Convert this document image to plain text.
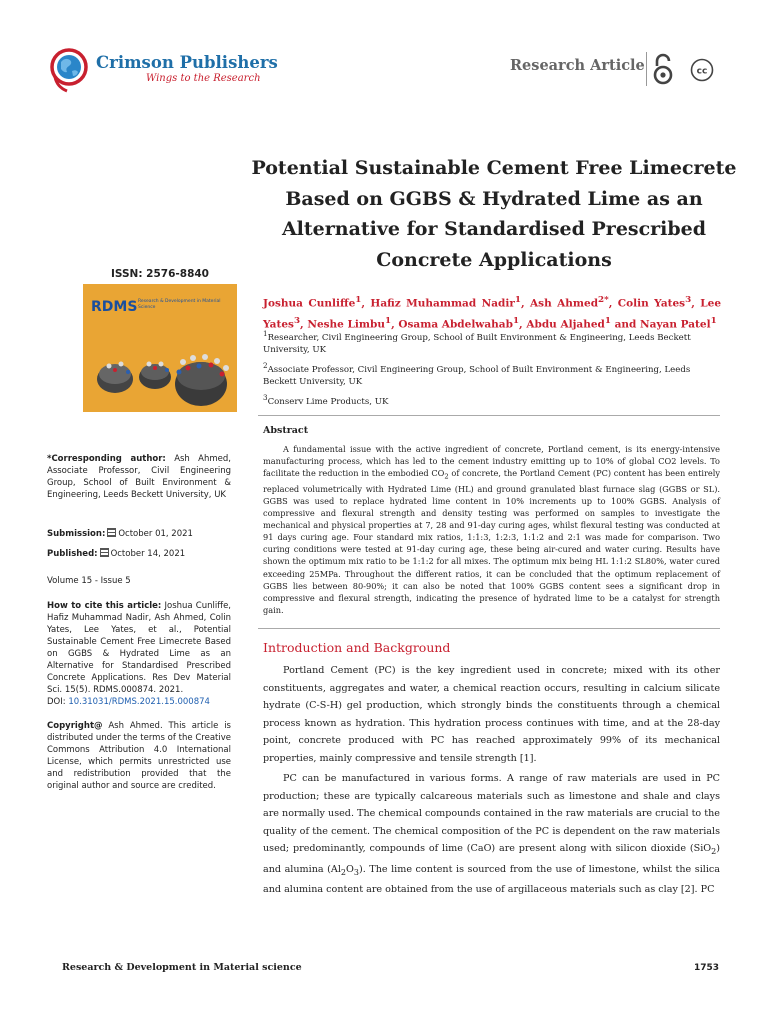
Crimson Publishers
Wings to the Research
Research Article	cc
Potential Sustainable Cement Free Limecrete Based on GGBS & Hydrated Lime as an Alternative for Standardised Prescribed Concrete Applications
ISSN: 2576-8840
RDMS Research & Development in Material Science
*Corresponding author: Ash Ahmed, Associate Professor, Civil Engineering Group, School of Built Environment & Engineering, Leeds Beckett University, UK
Submission: October 01, 2021
Published: October 14, 2021
Volume 15 - Issue 5
How to cite this article: Joshua Cunliffe, Hafiz Muhammad Nadir, Ash Ahmed, Colin Yates, Lee Yates, et al., Potential Sustainable Cement Free Limecrete Based on GGBS & Hydrated Lime as an Alternative for Standardised Prescribed Concrete Applications. Res Dev Material Sci. 15(5). RDMS.000874. 2021.
DOI: 10.31031/RDMS.2021.15.000874
Copyright@ Ash Ahmed. This article is distributed under the terms of the Creative Commons Attribution 4.0 International License, which permits unrestricted use and redistribution provided that the original author and source are credited.
Joshua Cunliffe$^1$, Hafiz Muhammad Nadir$^1$, Ash Ahmed$^{2*}$, Colin Yates$^3$, Lee Yates$^3$, Neshe Limbu$^1$, Osama Abdelwahab$^1$, Abdu Aljahed$^1$ and Nayan Patel$^1$
$^1$Researcher, Civil Engineering Group, School of Built Environment & Engineering, Leeds Beckett University, UK
$^2$Associate Professor, Civil Engineering Group, School of Built Environment & Engineering, Leeds Beckett University, UK
$^3$Conserv Lime Products, UK
Abstract
A fundamental issue with the active ingredient of concrete, Portland cement, is its energy-intensive manufacturing process, which has led to the cement industry emitting up to 10% of global CO2 levels. To facilitate the reduction in the embodied $CO_2$ of concrete, the Portland Cement (PC) content has been entirely replaced volumetrically with Hydrated Lime (HL) and ground granulated blast furnace slag (GGBS or SL). GGBS was used to replace hydrated lime content in 10% increments up to 100% GGBS. Analysis of compressive and flexural strength and density testing was performed on samples to investigate the mechanical and physical properties at 7, 28 and 91-day curing ages, whilst flexural testing was conducted at 91 days curing age. Four standard mix ratios, 1:1:3, 1:2:3, 1:1:2 and 2:1 was made for comparison. Two curing conditions were tested at 91-day curing age, these being air-cured and water curing. Results have shown the optimum mix ratio to be 1:1:2 for all mixes. The optimum mix being HL 1:1:2 SL80%, water cured exceeding 25MPa. Throughout the different ratios, it can be concluded that the optimum replacement of GGBS lies between 80-90%; it can also be noted that 100% GGBS content sees a significant drop in compressive and flexural strength, indicating the presence of hydrated lime to be a catalyst for strength gain.
Introduction and Background
Portland Cement (PC) is the key ingredient used in concrete; mixed with its other constituents, aggregates and water, a chemical reaction occurs, resulting in calcium silicate hydrate (C-S-H) gel production, which strongly binds the constituents through a chemical process known as hydration. This hydration process continues with time, and at the 28-day point, concrete produced with PC has reached approximately 99% of its mechanical properties, mainly compressive and tensile strength [1].
PC can be manufactured in various forms. A range of raw materials are used in PC production; these are typically calcareous materials such as limestone and shale and clays are normally used. The chemical compounds contained in the raw materials are crucial to the quality of the cement. The chemical composition of the PC is dependent on the raw materials used; predominantly, compounds of lime (CaO) are present along with silicon dioxide (SiO$_2$) and alumina $(Al_2O_3)$. The lime content is sourced from the use of limestone, whilst the silica and alumina content are obtained from the use of argillaceous materials such as clay [2]. PC
Research & Development in Material science	1753
